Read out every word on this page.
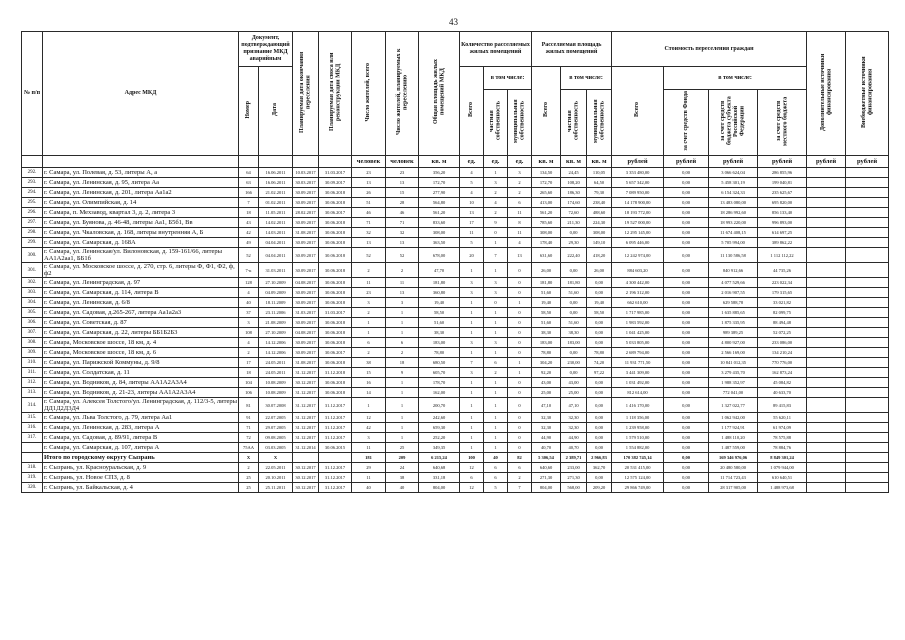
43
№ п/п	Адрес МКД	Документ, подтверждающий признание МКД аварийным		Планируемая дата окончания переселения	Планируемая дата сноса или реконструкции МКД	Число жителей, всего	Число жителей, планируемых к переселению	Общая площадь жилых помещений МКД	Количество расселяемых жилых помещений			Расселяемая площадь жилых помещений			Стоимость переселения граждан				Дополнительные источники финансирования	Внебюджетные источники финансирования
		Номер	Дата						Всего	в том числе:		Всего	в том числе:		Всего	в том числе:				
										частная собственность	муниципальная собственность		частная собственность	муниципальная собственность		за счет средств Фонда	за счет средств бюджета субъекта Российской Федерации	за счет средств местного бюджета		
						человек	человек	кв. м	ед.	ед.	ед.	кв. м	кв. м	кв. м	рублей	рублей	рублей	рублей	рублей	рублей
292.	г. Самара, ул. Полевая, д. 53, литеры А, а	64	16.06.2011	10.03.2017	31.03.2017	23	23	356,20	4	1	3	134,50	24,45	110,05	3 353 480,00	0,00	3 066 624,04	286 855,96		
293.	г. Самара, ул. Ленинская, д. 95, литера Аа	63	16.06.2011	30.03.2017	30.09.2017	13	13	172,70	5	3	2	172,70	108,20	64,50	5 657 342,00	0,00	5 458 301,19	199 040,81		
294.	г. Самара, ул. Ленинская, д. 201, литера Аа1а2	166	21.02.2011	30.09.2017	30.06.2018	26	15	277,90	4	2	2	265,60	186,30	79,30	7 089 950,00	0,00	6 154 324,33	235 625,67		
295.	г. Самара, ул. Олимпийская, д. 14	7	01.02.2011	30.09.2017	30.06.2018	51	28	564,80	10	4	6	413,00	174,60	238,40	14 178 900,00	0,00	13 483 080,00	695 820,00		
296.	г. Самара, п. Мехзавод, квартал 3, д. 2, литера 3	18	11.05.2011	28.02.2017	30.06.2017	46	46	561,20	13	2	11	561,20	72,60	488,60	18 193 772,00	0,00	18 286 992,60	856 133,40		
297.	г. Самара, ул. Буянова, д. 46-48, литеры Аа1, Б5б1, Вв	43	14.02.2011	30.09.2017	30.06.2018	71	71	833,60	17	9	8	785,60	211,30	224,30	19 527 000,00	0,00	18 993 220,00	996 893,00		
298.	г. Самара, ул. Чкаловская, д. 168, литеры внутренняя А, Б	42	14.03.2011	31.08.2017	30.06.2018	32	32	308,00	11	0	11	308,00	0,00	308,00	12 295 145,00	0,00	11 674 408,15	614 697,25		
299.	г. Самара, ул. Самарская, д. 168А	49	04.04.2011	30.09.2017	30.06.2018	13	13	363,50	5	1	4	178,40	29,30	149,10	6 095 446,00	0,00	5 705 994,00	389 862,22		
300.	г. Самара, ул. Ленинская/ул. Вилоновская, д. 159-161/66, литеры АА1А2аа1, ББ1б	52	04.04.2011	30.09.2017	30.06.2018	52	52	678,00	20	7	13	631,60	222,40	418,20	12 242 974,00	0,00	11 130 586,58	1 112 112,22		
301.	г. Самара, ул. Московское шоссе, д. 270, стр. 6, литеры Ф, Ф1, Ф2, ф, ф2	7-к	31.03.2011	30.09.2017	30.06.2018	2	2	47,70	1	1	0	26,00	0,00	26,00	884 603,20	0,00	840 912,66	44 735,26		
302.	г. Самара, ул. Ленинградская, д. 97	128	27.10.2009	04.08.2017	30.06.2018	11	11	181,80	3	3	0	181,80	181,80	0,00	4 300 442,00	0,00	4 077 529,66	223 022,34		
303.	г. Самара, ул. Самарская, д. 114, литера В	4	04.09.2009	30.09.2017	30.06.2018	23	13	360,80	3	3	0	51,60	51,60	0,00	2 196 312,00	0,00	2 016 907,55	179 315,65		
304.	г. Самара, ул. Ленинская, д. 6/8	40	18.11.2009	30.09.2017	30.06.2018	3	3	19,40	1	0	1	19,40	0,00	19,40	662 610,00	0,00	629 588,78	33 021,82		
305.	г. Самара, ул. Садовая, д.265-267, литера Аа1а2а3	37	23.11.2006	31.03.2017	31.03.2017	2	1	58,50	1	1	0	58,50	0,00	58,50	1 717 985,00	0,00	1 635 885,65	82 099,75		
306.	г. Самара, ул. Советская, д. 87	3	21.08.2009	30.09.2017	30.06.2018	1	1	51,60	1	1	0	51,60	51,60	0,00	1 983 592,00	0,00	1 875 335,95	88 494,48		
307.	г. Самара, ул. Самарская, д. 22, литеры ББ1Б2Б3	108	27.10.2009	04.08.2017	30.06.2018	1	1	38,30	1	1	0	38,30	38,30	0,00	1 041 425,00	0,00	989 389,25	52 072,25		
308.	г. Самара, Московское шоссе, 18 км, д. 4	4	14.12.2006	30.09.2017	30.06.2018	6	6	183,00	3	3	0	183,00	183,00	0,00	5 033 805,00	0,00	4 800 927,00	233 086,00		
309.	г. Самара, Московское шоссе, 18 км, д. 6	2	14.12.2006	30.09.2017	30.06.2017	2	2	78,80	1	1	0	78,80	0,00	78,80	2 689 794,00	0,00	2 566 169,00	134 210,24		
310.	г. Самара, ул. Парижской Коммуны, д. 9/8	17	24.05.2011	31.08.2017	30.06.2018	38	18	680,50	7	6	1	304,20	230,00	74,20	11 931 771,50	0,00	10 841 012,35	770 776,00		
311.	г. Самара, ул. Солдатская, д. 11	18	24.05.2011	31.12.2017	31.12.2018	15	9	605,70	3	2	1	92,20	0,00	97,22	3 441 309,00	0,00	3 279 435,70	162 873,24		
312.	г. Самара, ул. Водников, д. 84, литеры АА1А2А3А4	104	10.08.2009	30.12.2017	30.06.2018	16	1	178,70	1	1	0	43,00	43,00	0,00	1 031 492,00	0,00	1 988 352,97	45 084,82		
313.	г. Самара, ул. Водников, д. 21-23, литеры АА1А2А3А4	106	10.08.2009	31.12.2017	30.06.2018	14	1	162,00	1	1	0	25,00	25,00	0,00	812 614,00	0,00	772 041,00	40 633,70		
314.	г. Самара, ул. Алексея Толстого/ул. Ленинградская, д. 112/3-5, литеры ДД1Д2Д3Д4	81	30.07.2008	31.12.2017	31.12.2017	1	1	200,70	1	1	0	47,10	47,10	0,00	1 416 170,00	0,00	1 327 022,77	89 415,83		
315.	г. Самара, ул. Льва Толстого, д. 79, литера Аа1	91	22.07.2005	31.12.2017	31.12.2017	12	1	242,60	1	1	0	32,30	32,30	0,00	1 118 356,00	0,00	1 062 942,00	55 620,11		
316.	г. Самара, ул. Ленинская, д. 283, литера А	71	29.07.2005	31.12.2017	31.12.2017	42	1	659,30	1	1	0	32,30	32,30	0,00	1 239 958,00	0,00	1 177 924,91	61 974,09		
317.	г. Самара, ул. Садовая, д. 89/91, литера В	72	09.08.2005	31.12.2017	31.12.2017	3	1	252,20	1	1	0	44,90	44,90	0,00	1 579 510,00	0,00	1 488 110,20	78 575,88		
	г. Самара, ул. Самарская, д. 107, литера А	75АА	03.03.2005	31.12.2014	30.06.2015	11	25	349,35	1	1	0	40,70	40,70	0,00	1 554 882,00	0,00	1 487 559,00	78 884,76		
	Итого по городскому округу Сызрань	Х	Х			181	209	6 215,24	100	40	82	5 306,54	2 389,71	2 966,83	170 382 745,14	0,00	169 346 976,06	8 849 301,24		
318.	г. Сызрань, ул. Красноуральская, д. 9	2	22.05.2011	30.12.2017	31.12.2017	29	24	640,68	12	6	6	640,60	233,00	362,70	20 531 415,00	0,00	20 480 580,00	1 079 944,00		
319.	г. Сызрань, ул. Новое СПЗ, д. 8	25	20.10.2011	30.12.2017	31.12.2017	11	38	331,18	6	6	2	271,30	271,30	0,00	12 575 124,00	0,00	11 714 723,43	610 640,51		
320.	г. Сызрань, ул. Байкальская, д. 4	25	25.11.2011	30.12.2017	31.12.2017	40	40	804,00	12	5	7	804,00	568,00	209,20	29 866 749,00	0,00	28 317 905,00	1 488 973,68		
